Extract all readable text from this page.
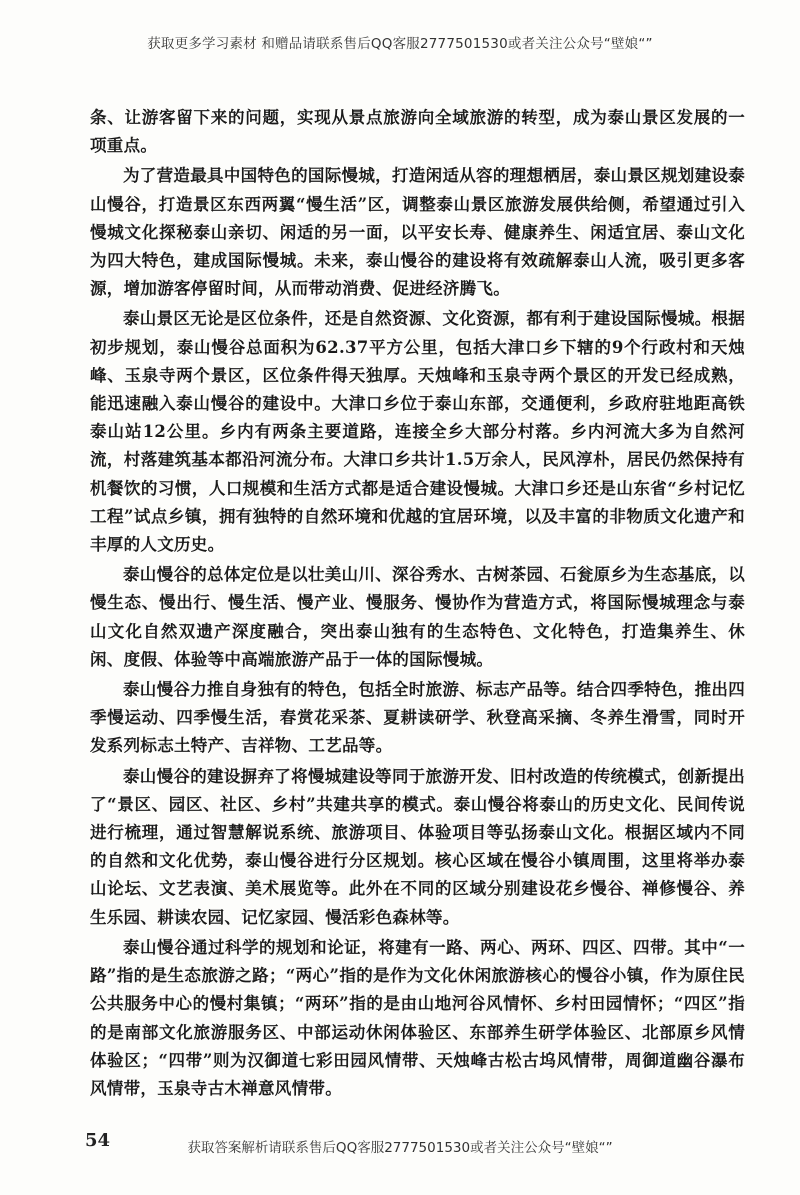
获取更多学习素材 和赠品请联系售后QQ客服2777501530或者关注公众号“壁娘“”

条、让游客留下来的问题，实现从景点旅游向全域旅游的转型，成为泰山景区发展的一项重点。

为了营造最具中国特色的国际慢城，打造闲适从容的理想栖居，泰山景区规划建设泰山慢谷，打造景区东西两翼“慢生活”区，调整泰山景区旅游发展供给侧，希望通过引入慢城文化探秘泰山亲切、闲适的另一面，以平安长寿、健康养生、闲适宜居、泰山文化为四大特色，建成国际慢城。未来，泰山慢谷的建设将有效疏解泰山人流，吸引更多客源，增加游客停留时间，从而带动消费、促进经济腾飞。

泰山景区无论是区位条件，还是自然资源、文化资源，都有利于建设国际慢城。根据初步规划，泰山慢谷总面积为62.37平方公里，包括大津口乡下辖的9个行政村和天烛峰、玉泉寺两个景区，区位条件得天独厚。天烛峰和玉泉寺两个景区的开发已经成熟，能迅速融入泰山慢谷的建设中。大津口乡位于泰山东部，交通便利，乡政府驻地距高铁泰山站12公里。乡内有两条主要道路，连接全乡大部分村落。乡内河流大多为自然河流，村落建筑基本都沿河流分布。大津口乡共计1.5万余人，民风淳朴，居民仍然保持有机餐饮的习惯，人口规模和生活方式都是适合建设慢城。大津口乡还是山东省“乡村记忆工程”试点乡镇，拥有独特的自然环境和优越的宜居环境，以及丰富的非物质文化遗产和丰厚的人文历史。

泰山慢谷的总体定位是以壮美山川、深谷秀水、古树茶园、石瓮原乡为生态基底，以慢生态、慢出行、慢生活、慢产业、慢服务、慢协作为营造方式，将国际慢城理念与泰山文化自然双遗产深度融合，突出泰山独有的生态特色、文化特色，打造集养生、休闲、度假、体验等中高端旅游产品于一体的国际慢城。

泰山慢谷力推自身独有的特色，包括全时旅游、标志产品等。结合四季特色，推出四季慢运动、四季慢生活，春赏花采茶、夏耕读研学、秋登高采摘、冬养生滑雪，同时开发系列标志土特产、吉祥物、工艺品等。

泰山慢谷的建设摒弃了将慢城建设等同于旅游开发、旧村改造的传统模式，创新提出了“景区、园区、社区、乡村”共建共享的模式。泰山慢谷将泰山的历史文化、民间传说进行梳理，通过智慧解说系统、旅游项目、体验项目等弘扬泰山文化。根据区域内不同的自然和文化优势，泰山慢谷进行分区规划。核心区域在慢谷小镇周围，这里将举办泰山论坛、文艺表演、美术展览等。此外在不同的区域分别建设花乡慢谷、禅修慢谷、养生乐园、耕读农园、记忆家园、慢活彩色森林等。

泰山慢谷通过科学的规划和论证，将建有一路、两心、两环、四区、四带。其中“一路”指的是生态旅游之路；“两心”指的是作为文化休闲旅游核心的慢谷小镇，作为原住民公共服务中心的慢村集镇；“两环”指的是由山地河谷风情怀、乡村田园情怀；“四区”指的是南部文化旅游服务区、中部运动休闲体验区、东部养生研学体验区、北部原乡风情体验区；“四带”则为汉御道七彩田园风情带、天烛峰古松古坞风情带，周御道幽谷瀑布风情带，玉泉寺古木禅意风情带。

54	获取答案解析请联系售后QQ客服2777501530或者关注公众号“壁娘“”
